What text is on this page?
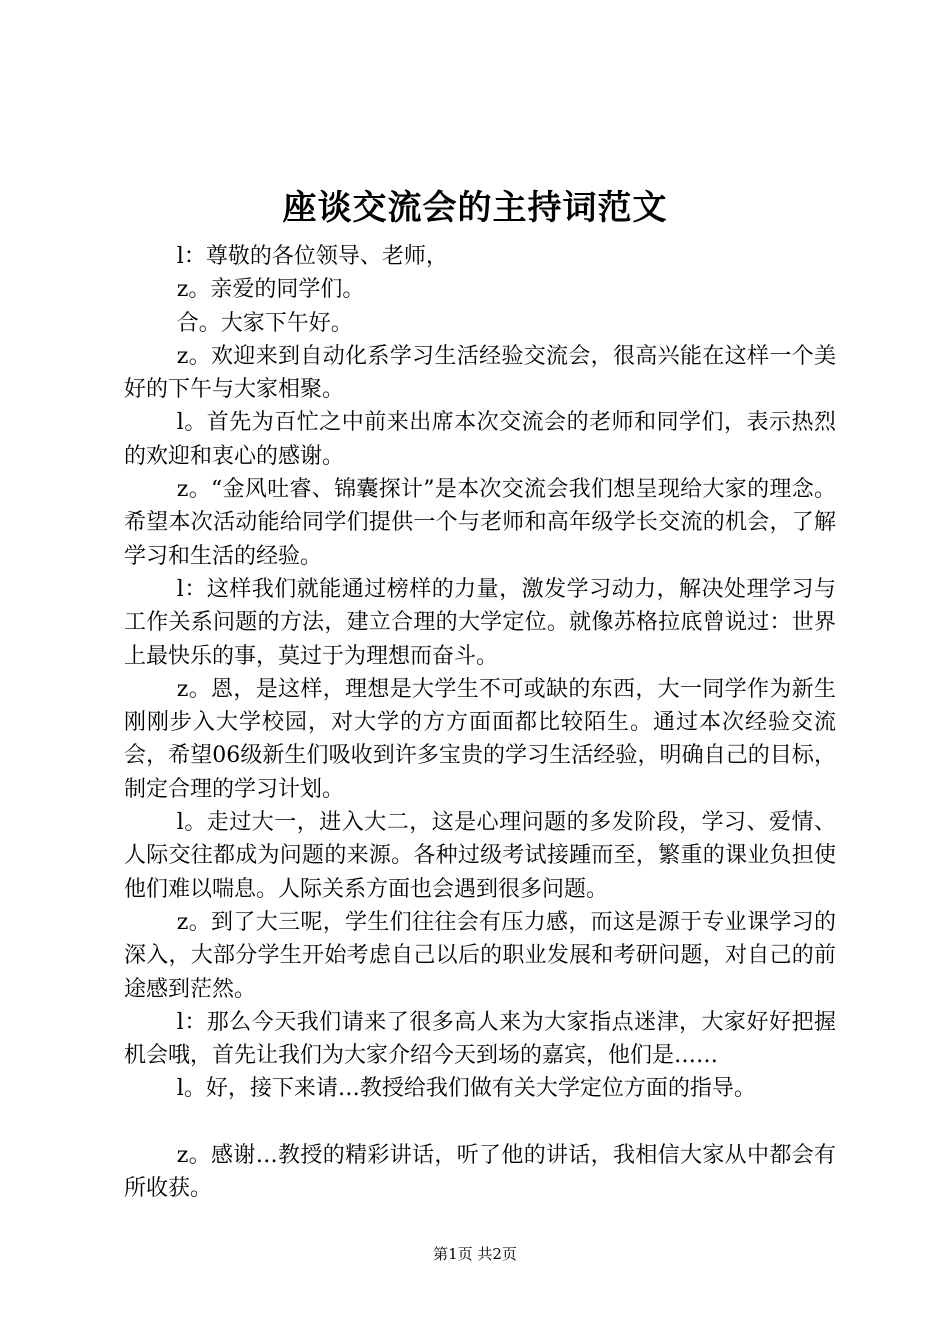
座谈交流会的主持词范文

l：尊敬的各位领导、老师，

z。亲爱的同学们。

合。大家下午好。

z。欢迎来到自动化系学习生活经验交流会，很高兴能在这样一个美好的下午与大家相聚。

l。首先为百忙之中前来出席本次交流会的老师和同学们，表示热烈的欢迎和衷心的感谢。

z。“金风吐睿、锦囊探计”是本次交流会我们想呈现给大家的理念。希望本次活动能给同学们提供一个与老师和高年级学长交流的机会，了解学习和生活的经验。

l：这样我们就能通过榜样的力量，激发学习动力，解决处理学习与工作关系问题的方法，建立合理的大学定位。就像苏格拉底曾说过：世界上最快乐的事，莫过于为理想而奋斗。

z。恩，是这样，理想是大学生不可或缺的东西，大一同学作为新生刚刚步入大学校园，对大学的方方面面都比较陌生。通过本次经验交流会，希望06级新生们吸收到许多宝贵的学习生活经验，明确自己的目标，制定合理的学习计划。

l。走过大一，进入大二，这是心理问题的多发阶段，学习、爱情、人际交往都成为问题的来源。各种过级考试接踵而至，繁重的课业负担使他们难以喘息。人际关系方面也会遇到很多问题。

z。到了大三呢，学生们往往会有压力感，而这是源于专业课学习的深入，大部分学生开始考虑自己以后的职业发展和考研问题，对自己的前途感到茫然。

l：那么今天我们请来了很多高人来为大家指点迷津，大家好好把握机会哦，首先让我们为大家介绍今天到场的嘉宾，他们是……

l。好，接下来请…教授给我们做有关大学定位方面的指导。

z。感谢…教授的精彩讲话，听了他的讲话，我相信大家从中都会有所收获。

第1页 共2页
